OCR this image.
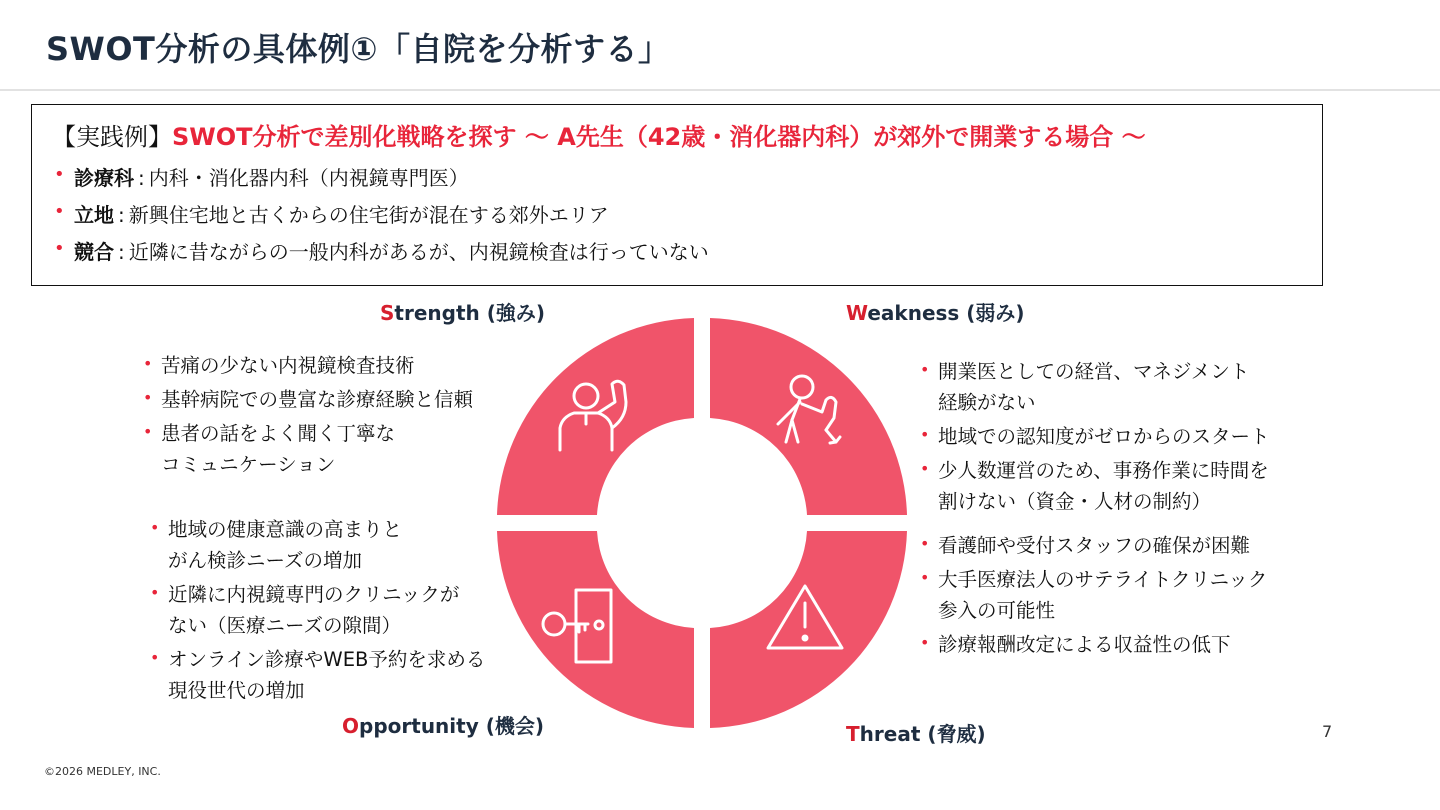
SWOT分析の具体例①「自院を分析する」
【実践例】SWOT分析で差別化戦略を探す 〜 A先生（42歳・消化器内科）が郊外で開業する場合 〜
• 診療科 : 内科・消化器内科（内視鏡専門医）
• 立地 : 新興住宅地と古くからの住宅街が混在する郊外エリア
• 競合 : 近隣に昔ながらの一般内科があるが、内視鏡検査は行っていない
Strength (強み)	Weakness (弱み)
Opportunity (機会)	Threat (脅威)
• 苦痛の少ない内視鏡検査技術
• 基幹病院での豊富な診療経験と信頼
• 患者の話をよく聞く丁寧な
コミュニケーション
• 開業医としての経営、マネジメント
経験がない
• 地域での認知度がゼロからのスタート
• 少人数運営のため、事務作業に時間を
割けない（資金・人材の制約）
• 地域の健康意識の高まりと
がん検診ニーズの増加
• 近隣に内視鏡専門のクリニックが
ない（医療ニーズの隙間）
• オンライン診療やWEB予約を求める
現役世代の増加
• 看護師や受付スタッフの確保が困難
• 大手医療法人のサテライトクリニック
参入の可能性
• 診療報酬改定による収益性の低下
7
©2026 MEDLEY, INC.
